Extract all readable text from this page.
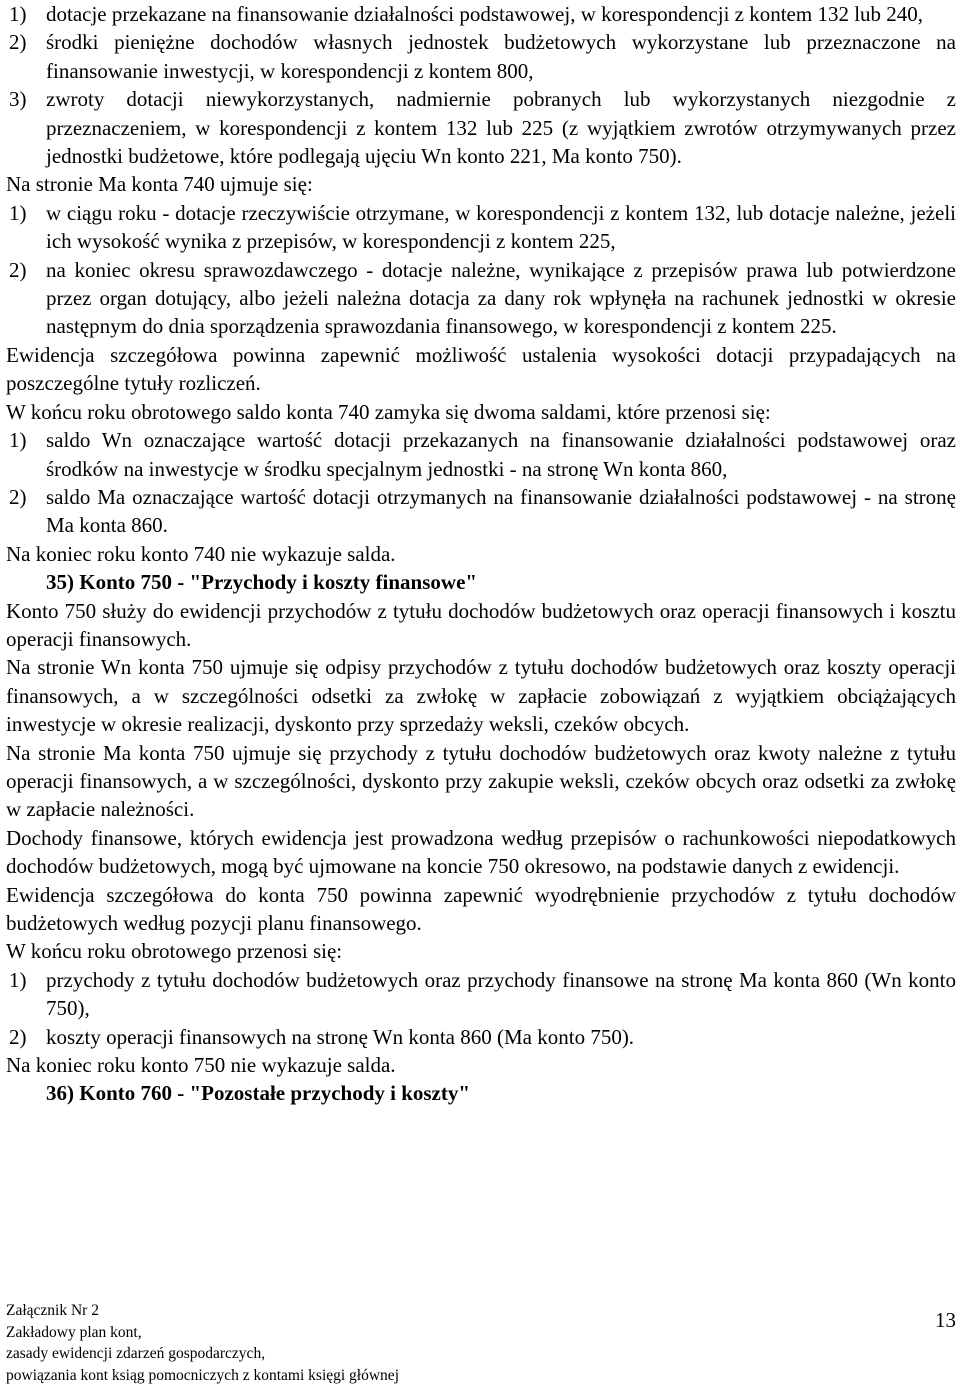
1) dotacje przekazane na finansowanie działalności podstawowej, w korespondencji z kontem 132 lub 240,
2) środki pieniężne dochodów własnych jednostek budżetowych wykorzystane lub przeznaczone na finansowanie inwestycji, w korespondencji z kontem 800,
3) zwroty dotacji niewykorzystanych, nadmiernie pobranych lub wykorzystanych niezgodnie z przeznaczeniem, w korespondencji z kontem 132 lub 225 (z wyjątkiem zwrotów otrzymywanych przez jednostki budżetowe, które podlegają ujęciu Wn konto 221, Ma konto 750).
Na stronie Ma konta 740 ujmuje się:
1) w ciągu roku - dotacje rzeczywiście otrzymane, w korespondencji z kontem 132, lub dotacje należne, jeżeli ich wysokość wynika z przepisów, w korespondencji z kontem 225,
2) na koniec okresu sprawozdawczego - dotacje należne, wynikające z przepisów prawa lub potwierdzone przez organ dotujący, albo jeżeli należna dotacja za dany rok wpłynęła na rachunek jednostki w okresie następnym do dnia sporządzenia sprawozdania finansowego, w korespondencji z kontem 225.
Ewidencja szczegółowa powinna zapewnić możliwość ustalenia wysokości dotacji przypadających na poszczególne tytuły rozliczeń.
W końcu roku obrotowego saldo konta 740 zamyka się dwoma saldami, które przenosi się:
1) saldo Wn oznaczające wartość dotacji przekazanych na finansowanie działalności podstawowej oraz środków na inwestycje w środku specjalnym jednostki - na stronę Wn konta 860,
2) saldo Ma oznaczające wartość dotacji otrzymanych na finansowanie działalności podstawowej - na stronę Ma konta 860.
Na koniec roku konto 740 nie wykazuje salda.
35) Konto 750 - "Przychody i koszty finansowe"
Konto 750 służy do ewidencji przychodów z tytułu dochodów budżetowych oraz operacji finansowych i kosztu operacji finansowych.
Na stronie Wn konta 750 ujmuje się odpisy przychodów z tytułu dochodów budżetowych oraz koszty operacji finansowych, a w szczególności odsetki za zwłokę w zapłacie zobowiązań z wyjątkiem obciążających inwestycje w okresie realizacji, dyskonto przy sprzedaży weksli, czeków obcych.
Na stronie Ma konta 750 ujmuje się przychody z tytułu dochodów budżetowych oraz kwoty należne z tytułu operacji finansowych, a w szczególności, dyskonto przy zakupie weksli, czeków obcych oraz odsetki za zwłokę w zapłacie należności.
Dochody finansowe, których ewidencja jest prowadzona według przepisów o rachunkowości niepodatkowych dochodów budżetowych, mogą być ujmowane na koncie 750 okresowo, na podstawie danych z ewidencji.
Ewidencja szczegółowa do konta 750 powinna zapewnić wyodrębnienie przychodów z tytułu dochodów budżetowych według pozycji planu finansowego.
W końcu roku obrotowego przenosi się:
1) przychody z tytułu dochodów budżetowych oraz przychody finansowe na stronę Ma konta 860 (Wn konto 750),
2) koszty operacji finansowych na stronę Wn konta 860 (Ma konto 750).
Na koniec roku konto 750 nie wykazuje salda.
36) Konto 760 - "Pozostałe przychody i koszty"
Załącznik Nr 2
Zakładowy plan kont,
zasady ewidencji zdarzeń gospodarczych,
powiązania kont ksiąg pomocniczych z kontami księgi głównej
13
